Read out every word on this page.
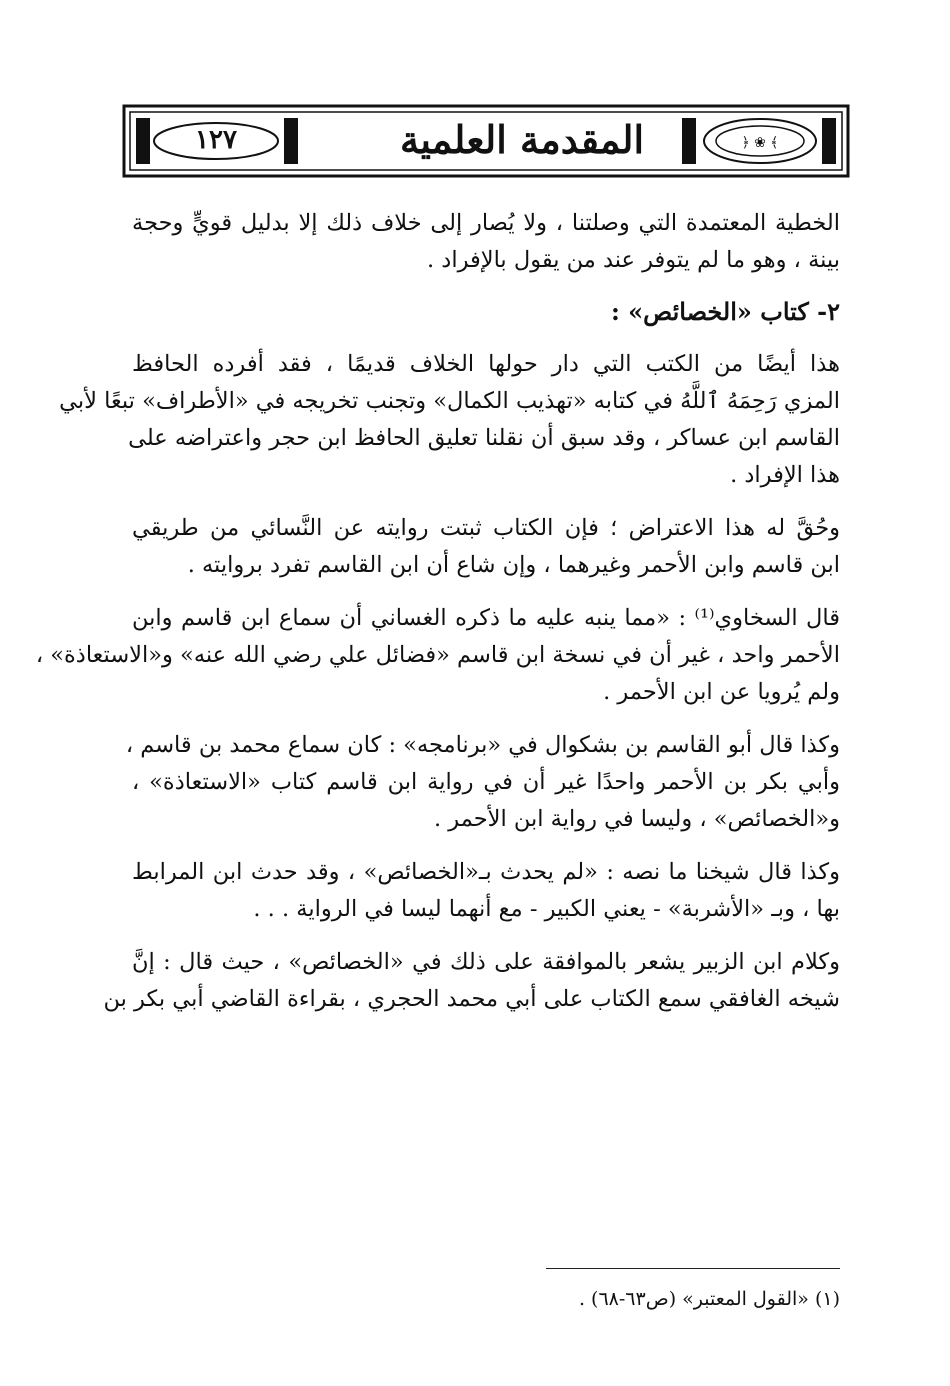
﴿ ❀ ﴾
١٢٧	المقدمة العلمية
الخطية المعتمدة التي وصلتنا ، ولا يُصار إلى خلاف ذلك إلا بدليل قويٍّ وحجة
بينة ، وهو ما لم يتوفر عند من يقول بالإفراد .
٢- كتاب «الخصائص» :
هذا أيضًا من الكتب التي دار حولها الخلاف قديمًا ، فقد أفرده الحافظ
المزي رَحِمَهُ ٱللَّهُ في كتابه «تهذيب الكمال» وتجنب تخريجه في «الأطراف» تبعًا لأبي
القاسم ابن عساكر ، وقد سبق أن نقلنا تعليق الحافظ ابن حجر واعتراضه على
هذا الإفراد .
وحُقَّ له هذا الاعتراض ؛ فإن الكتاب ثبتت روايته عن النَّسائي من طريقي
ابن قاسم وابن الأحمر وغيرهما ، وإن شاع أن ابن القاسم تفرد بروايته .
قال السخاوي⁽¹⁾ : «مما ينبه عليه ما ذكره الغساني أن سماع ابن قاسم وابن
الأحمر واحد ، غير أن في نسخة ابن قاسم «فضائل علي رضي الله عنه» و«الاستعاذة» ،
ولم يُرويا عن ابن الأحمر .
وكذا قال أبو القاسم بن بشكوال في «برنامجه» : كان سماع محمد بن قاسم ،
وأبي بكر بن الأحمر واحدًا غير أن في رواية ابن قاسم كتاب «الاستعاذة» ،
و«الخصائص» ، وليسا في رواية ابن الأحمر .
وكذا قال شيخنا ما نصه : «لم يحدث بـ«الخصائص» ، وقد حدث ابن المرابط
بها ، وبـ «الأشربة» - يعني الكبير - مع أنهما ليسا في الرواية . . .
وكلام ابن الزبير يشعر بالموافقة على ذلك في «الخصائص» ، حيث قال : إنَّ
شيخه الغافقي سمع الكتاب على أبي محمد الحجري ، بقراءة القاضي أبي بكر بن
(١) «القول المعتبر» (ص٦٣-٦٨) .
